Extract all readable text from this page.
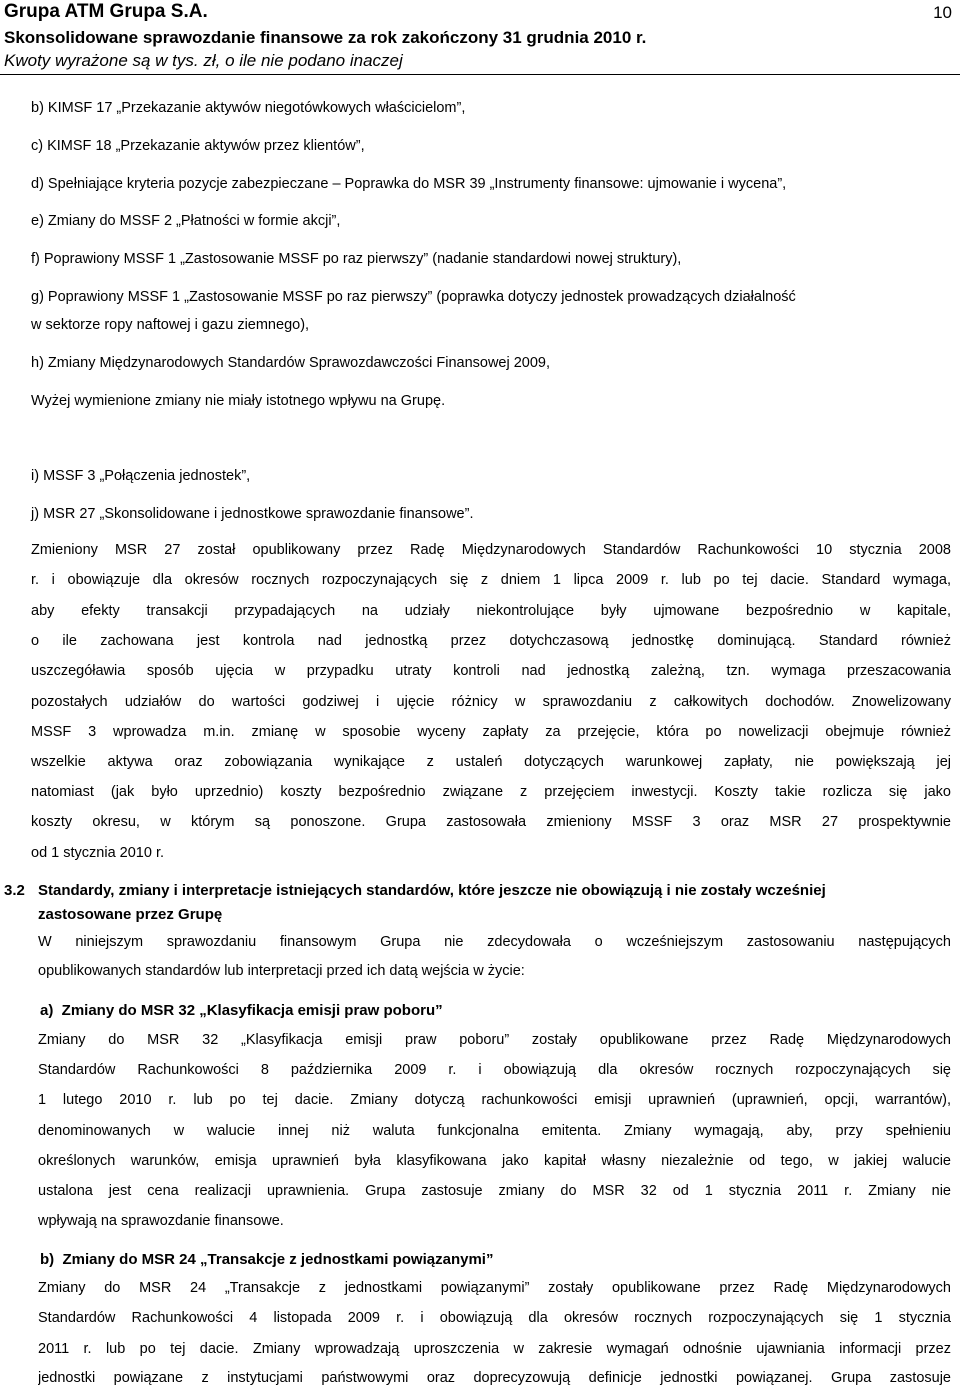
Grupa ATM Grupa S.A.	10
Skonsolidowane sprawozdanie finansowe za rok zakończony 31 grudnia 2010 r.
Kwoty wyrażone są w tys. zł, o ile nie podano inaczej
b) KIMSF 17 „Przekazanie aktywów niegotówkowych właścicielom”,
c) KIMSF 18 „Przekazanie aktywów przez klientów”,
d) Spełniające kryteria pozycje zabezpieczane – Poprawka do MSR 39 „Instrumenty finansowe: ujmowanie i wycena”,
e) Zmiany do MSSF 2 „Płatności w formie akcji”,
f) Poprawiony MSSF 1 „Zastosowanie MSSF po raz pierwszy” (nadanie standardowi nowej struktury),
g) Poprawiony MSSF 1 „Zastosowanie MSSF po raz pierwszy” (poprawka dotyczy jednostek prowadzących działalność
w sektorze ropy naftowej i gazu ziemnego),
h) Zmiany Międzynarodowych Standardów Sprawozdawczości Finansowej 2009,
Wyżej wymienione zmiany nie miały istotnego wpływu na Grupę.
i) MSSF 3 „Połączenia jednostek”,
j) MSR 27 „Skonsolidowane i jednostkowe sprawozdanie finansowe”.
Zmieniony MSR 27 został opublikowany przez Radę Międzynarodowych Standardów Rachunkowości 10 stycznia 2008
r. i obowiązuje dla okresów rocznych rozpoczynających się z dniem 1 lipca 2009 r. lub po tej dacie. Standard wymaga,
aby efekty transakcji przypadających na udziały niekontrolujące były ujmowane bezpośrednio w kapitale,
o ile zachowana jest kontrola nad jednostką przez dotychczasową jednostkę dominującą. Standard również
uszczegóławia sposób ujęcia w przypadku utraty kontroli nad jednostką zależną, tzn. wymaga przeszacowania
pozostałych udziałów do wartości godziwej i ujęcie różnicy w sprawozdaniu z całkowitych dochodów. Znowelizowany
MSSF 3 wprowadza m.in. zmianę w sposobie wyceny zapłaty za przejęcie, która po nowelizacji obejmuje również
wszelkie aktywa oraz zobowiązania wynikające z ustaleń dotyczących warunkowej zapłaty, nie powiększają jej
natomiast (jak było uprzednio) koszty bezpośrednio związane z przejęciem inwestycji. Koszty takie rozlicza się jako
koszty okresu, w którym są ponoszone. Grupa zastosowała zmieniony MSSF 3 oraz MSR 27 prospektywnie
od 1 stycznia 2010 r.
3.2 Standardy, zmiany i interpretacje istniejących standardów, które jeszcze nie obowiązują i nie zostały wcześniej
zastosowane przez Grupę
W niniejszym sprawozdaniu finansowym Grupa nie zdecydowała o wcześniejszym zastosowaniu następujących
opublikowanych standardów lub interpretacji przed ich datą wejścia w życie:
a)  Zmiany do MSR 32 „Klasyfikacja emisji praw poboru”
Zmiany do MSR 32 „Klasyfikacja emisji praw poboru” zostały opublikowane przez Radę Międzynarodowych
Standardów Rachunkowości 8 października 2009 r. i obowiązują dla okresów rocznych rozpoczynających się
1 lutego 2010 r. lub po tej dacie. Zmiany dotyczą rachunkowości emisji uprawnień (uprawnień, opcji, warrantów),
denominowanych w walucie innej niż waluta funkcjonalna emitenta. Zmiany wymagają, aby, przy spełnieniu
określonych warunków, emisja uprawnień była klasyfikowana jako kapitał własny niezależnie od tego, w jakiej walucie
ustalona jest cena realizacji uprawnienia. Grupa zastosuje zmiany do MSR 32 od 1 stycznia 2011 r. Zmiany nie
wpływają na sprawozdanie finansowe.
b)  Zmiany do MSR 24 „Transakcje z jednostkami powiązanymi”
Zmiany do MSR 24 „Transakcje z jednostkami powiązanymi” zostały opublikowane przez Radę Międzynarodowych
Standardów Rachunkowości 4 listopada 2009 r. i obowiązują dla okresów rocznych rozpoczynających się 1 stycznia
2011 r. lub po tej dacie. Zmiany wprowadzają uproszczenia w zakresie wymagań odnośnie ujawniania informacji przez
jednostki powiązane z instytucjami państwowymi oraz doprecyzowują definicje jednostki powiązanej. Grupa zastosuje
